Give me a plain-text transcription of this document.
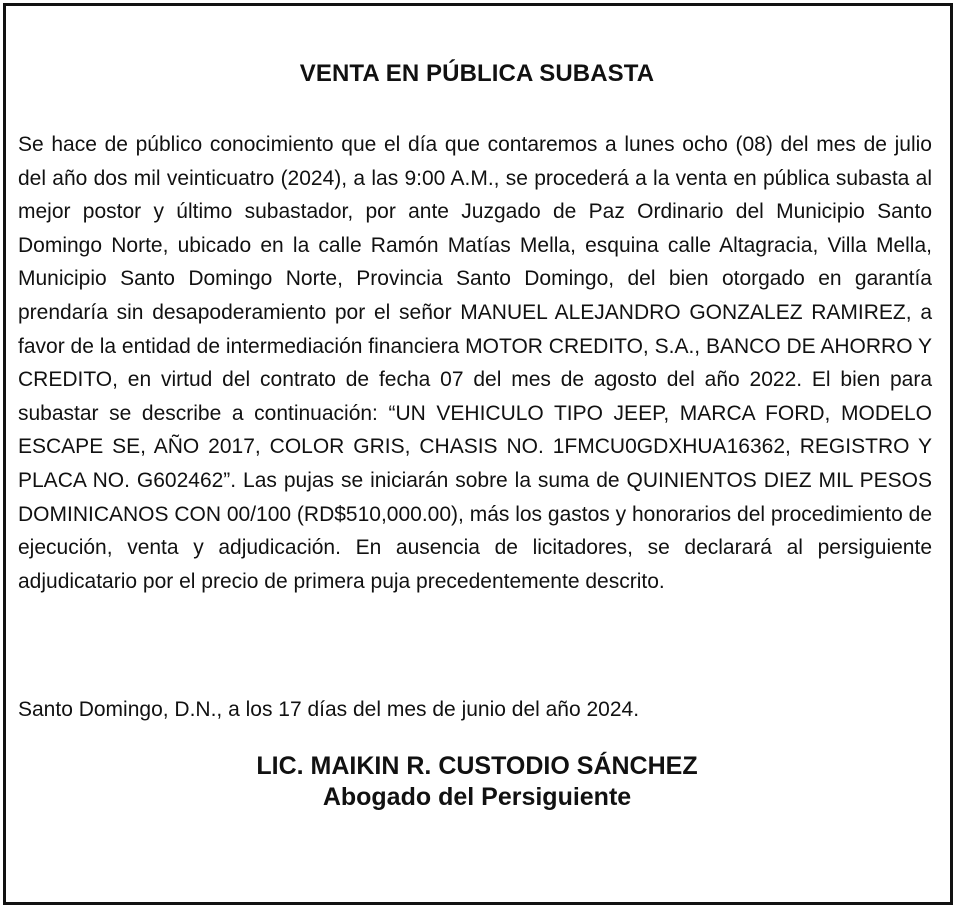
VENTA EN PÚBLICA SUBASTA

Se hace de público conocimiento que el día que contaremos a lunes ocho (08) del mes de julio del año dos mil veinticuatro (2024), a las 9:00 A.M., se procederá a la venta en pública subasta al mejor postor y último subastador, por ante Juzgado de Paz Ordinario del Municipio Santo Domingo Norte, ubicado en la calle Ramón Matías Mella, esquina calle Altagracia, Villa Mella, Municipio Santo Domingo Norte, Provincia Santo Domingo, del bien otorgado en garantía prendaría sin desapoderamiento por el señor MANUEL ALEJANDRO GONZALEZ RAMIREZ, a favor de la entidad de intermediación financiera MOTOR CREDITO, S.A., BANCO DE AHORRO Y CREDITO, en virtud del contrato de fecha 07 del mes de agosto del año 2022. El bien para subastar se describe a continuación: “UN VEHICULO TIPO JEEP, MARCA FORD, MODELO ESCAPE SE, AÑO 2017, COLOR GRIS, CHASIS NO. 1FMCU0GDXHUA16362, REGISTRO Y PLACA NO. G602462”. Las pujas se iniciarán sobre la suma de QUINIENTOS DIEZ MIL PESOS DOMINICANOS CON 00/100 (RD$510,000.00), más los gastos y honorarios del procedimiento de ejecución, venta y adjudicación. En ausencia de licitadores, se declarará al persiguiente adjudicatario por el precio de primera puja precedentemente descrito.

Santo Domingo, D.N., a los 17 días del mes de junio del año 2024.

LIC. MAIKIN R. CUSTODIO SÁNCHEZ
Abogado del Persiguiente
